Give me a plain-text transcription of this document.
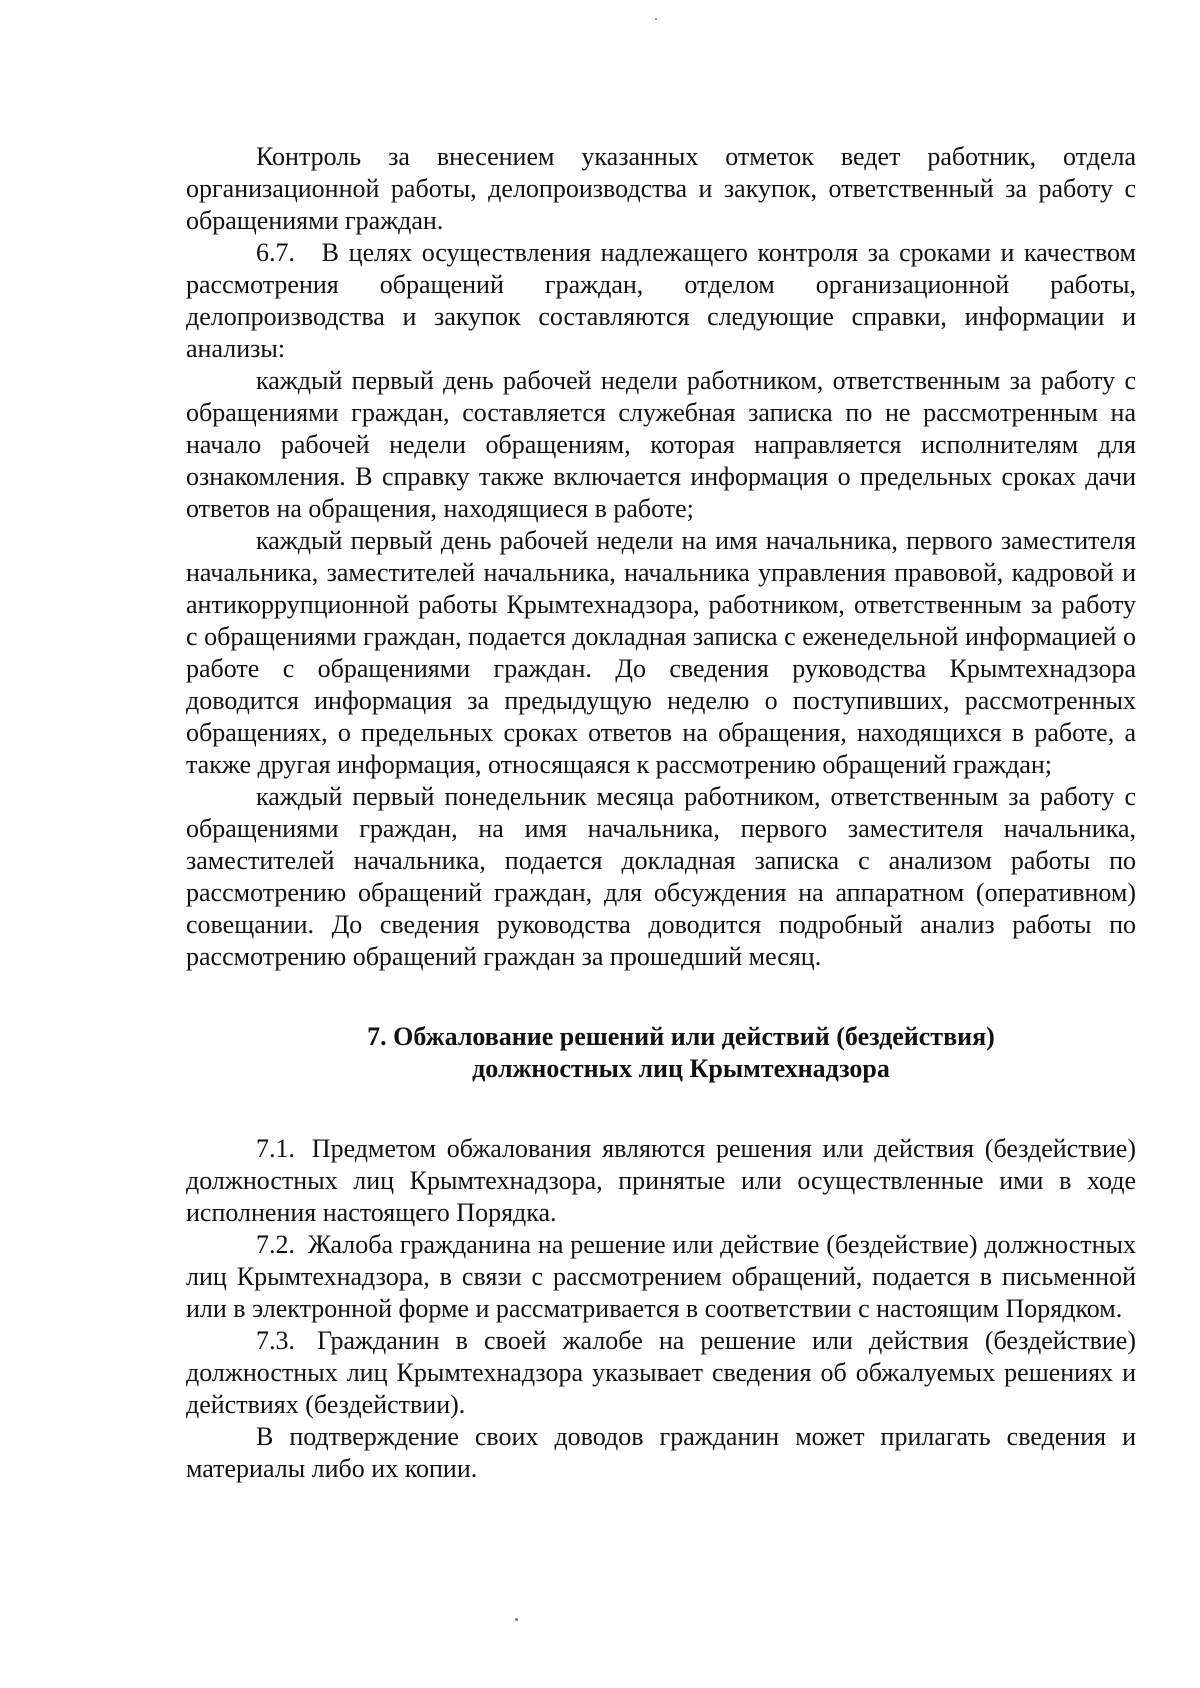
Контроль за внесением указанных отметок ведет работник, отдела организационной работы, делопроизводства и закупок, ответственный за работу с обращениями граждан.

6.7. В целях осуществления надлежащего контроля за сроками и качеством рассмотрения обращений граждан, отделом организационной работы, делопроизводства и закупок составляются следующие справки, информации и анализы:

каждый первый день рабочей недели работником, ответственным за работу с обращениями граждан, составляется служебная записка по не рассмотренным на начало рабочей недели обращениям, которая направляется исполнителям для ознакомления. В справку также включается информация о предельных сроках дачи ответов на обращения, находящиеся в работе;

каждый первый день рабочей недели на имя начальника, первого заместителя начальника, заместителей начальника, начальника управления правовой, кадровой и антикоррупционной работы Крымтехнадзора, работником, ответственным за работу с обращениями граждан, подается докладная записка с еженедельной информацией о работе с обращениями граждан. До сведения руководства Крымтехнадзора доводится информация за предыдущую неделю о поступивших, рассмотренных обращениях, о предельных сроках ответов на обращения, находящихся в работе, а также другая информация, относящаяся к рассмотрению обращений граждан;

каждый первый понедельник месяца работником, ответственным за работу с обращениями граждан, на имя начальника, первого заместителя начальника, заместителей начальника, подается докладная записка с анализом работы по рассмотрению обращений граждан, для обсуждения на аппаратном (оперативном) совещании. До сведения руководства доводится подробный анализ работы по рассмотрению обращений граждан за прошедший месяц.

7. Обжалование решений или действий (бездействия)
должностных лиц Крымтехнадзора

7.1. Предметом обжалования являются решения или действия (бездействие) должностных лиц Крымтехнадзора, принятые или осуществленные ими в ходе исполнения настоящего Порядка.

7.2. Жалоба гражданина на решение или действие (бездействие) должностных лиц Крымтехнадзора, в связи с рассмотрением обращений, подается в письменной или в электронной форме и рассматривается в соответствии с настоящим Порядком.

7.3. Гражданин в своей жалобе на решение или действия (бездействие) должностных лиц Крымтехнадзора указывает сведения об обжалуемых решениях и действиях (бездействии).

В подтверждение своих доводов гражданин может прилагать сведения и материалы либо их копии.
